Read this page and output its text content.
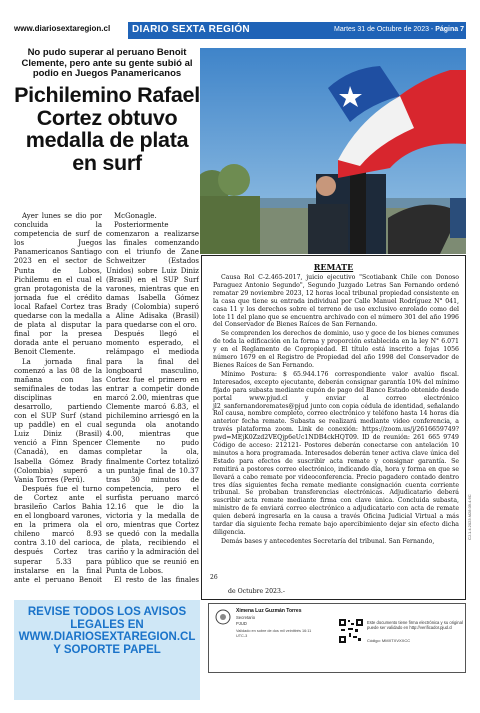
www.diariosextaregion.cl DIARIO SEXTA REGIÓN	Martes 31 de Octubre de 2023 - Página 7
No pudo superar al peruano Benoit Clemente, pero ante su gente subió al podio en Juegos Panamericanos
Pichilemino Rafael Cortez obtuvo medalla de plata en surf

Ayer lunes se dio por concluida la competencia de surf de los Juegos Panamericanos Santiago 2023 en el sector de Punta de Lobos, Pichilemu en el cual el gran protagonista de la jornada fue el crédito local Rafael Cortez tras quedarse con la medalla de plata al disputar la final por la presea dorada ante el peruano Benoit Clemente.

La jornada final comenzó a las 08 de la mañana con las semifinales de todas las disciplinas en desarrollo, partiendo con el SUP Surf (stand up paddle) en el cual Luiz Diniz (Brasil) venció a Finn Spencer (Canadá), en damas Isabella Gómez Brady (Colombia) superó a Vania Torres (Perú).

Después fue el turno de Cortez ante el brasileño Carlos Bahia en el longboard varones, en la primera ola el chileno marcó 8.93 contra 3.10 del carioca, después Cortez tras superar 5.33 para instalarse en la final ante el peruano Benoit

McGonagle.

Posteriormente comenzaron a realizarse las finales comenzando con el triunfo de Zane Schweitzer (Estados Unidos) sobre Luiz Diniz (Brasil) en el SUP Surf varones, mientras que en damas Isabella Gómez Brady (Colombia) superó a Aline Adisaka (Brasil) para quedarse con el oro.

Después llegó el momento esperado, el relámpago el medioda para la final del longboard masculino, Cortez fue el primero en entrar a competir donde marcó 2.00, mientras que Clemente marcó 6.83, el pichilemino arriesgó en la segunda ola anotando 4.00, mientras que Clemente no pudo completar la ola, finalmente Cortez totalizó un puntaje final de 10.37 tras 30 minutos de competencia, pero el surfista peruano marcó 12.16 que le dio la victoria y la medalla de oro, mientras que Cortez se quedó con la medalla de plata, recibiendo el cariño y la admiración del público que se reunió en Punta de Lobos.

El resto de las finales

REMATE

Causa Rol C-2.465-2017, juicio ejecutivo "Scotiabank Chile con Donoso Paraguez Antonio Segundo", Segundo Juzgado Letras San Fernando ordenó rematar 29 noviembre 2023, 12 horas local tribunal propiedad consistente en la casa que tiene su entrada individual por Calle Manuel Rodríguez N° 041, casa 11 y los derechos sobre el terreno de uso exclusivo enrolado como del lote 11 del plano que se encuentra archivado con el número 301 del año 1996 del Conservador de Bienes Raíces de San Fernando.

Se comprenden los derechos de dominio, uso y goce de los bienes comunes de toda la edificación en la forma y proporción establecida en la ley N° 6.071 y en el Reglamento de Copropiedad. El título está inscrito a fojas 1056 número 1679 en el Registro de Propiedad del año 1998 del Conservador de Bienes Raíces de San Fernando.

Mínimo Postura: $ 65.944.176 correspondiente valor avalúo fiscal. Interesados, excepto ejecutante, deberán consignar garantía 10% del mínimo fijado para subasta mediante cupón de pago del Banco Estado obtenido desde portal www.pjud.cl y enviar al correo electrónico jl2_sanfernandoremates@pjud junto con copia cédula de identidad, señalando Rol causa, nombre completo, correo electrónico y teléfono hasta 14 horas día anterior fecha remate. Subasta se realizará mediante video conferencia, a través plataforma zoom. Link de conexión: https://zoom.us/j/2616659749?pwd=MEjK0Zzd2VEQjp6eUc1NDB4ckHQT09. ID de reunión: 261 665 9749 Código de acceso: 212121- Postores deberán conectarse con antelación 10 minutos a hora programada. Interesados deberán tener activa clave única del Estado para efectos de suscribir acta remate y consignar garantía. Se remitirá a postores correo electrónico, indicando día, hora y forma en que se llevará a cabo remate por videoconferencia. Precio pagadero contado dentro tres días siguientes fecha remate mediante consignación cuenta corriente tribunal. Se probaban transferencias electrónicas. Adjudicatario deberá suscribir acta remate mediante firma con clave única. Concluida subasta, ministro de fe enviará correo electrónico a adjudicatario con acta de remate quien deberá ingresarla en la causa a través Oficina Judicial Virtual a más tardar día siguiente fecha remate bajo apercibimiento dejar sin efecto dicha diligencia.

Demás bases y antecedentes Secretaría del tribunal. San Fernando,

26
de Octubre 2023.-
CJ.1.4.2023.M28.09.4.6C
REVISE TODOS LOS AVISOS
LEGALES EN
WWW.DIARIOSEXTAREGION.CL
Y SOPORTE PAPEL
Ximena Luz Guzmán Torres
Secretario
PJUD
Validado en sobre de dos mil veintitrés 16:11 UTC-3
Este documento tiene firma electrónica y su original puede ser validado en http://verificador.pjud.cl
Código: MMXTXVXXCC
